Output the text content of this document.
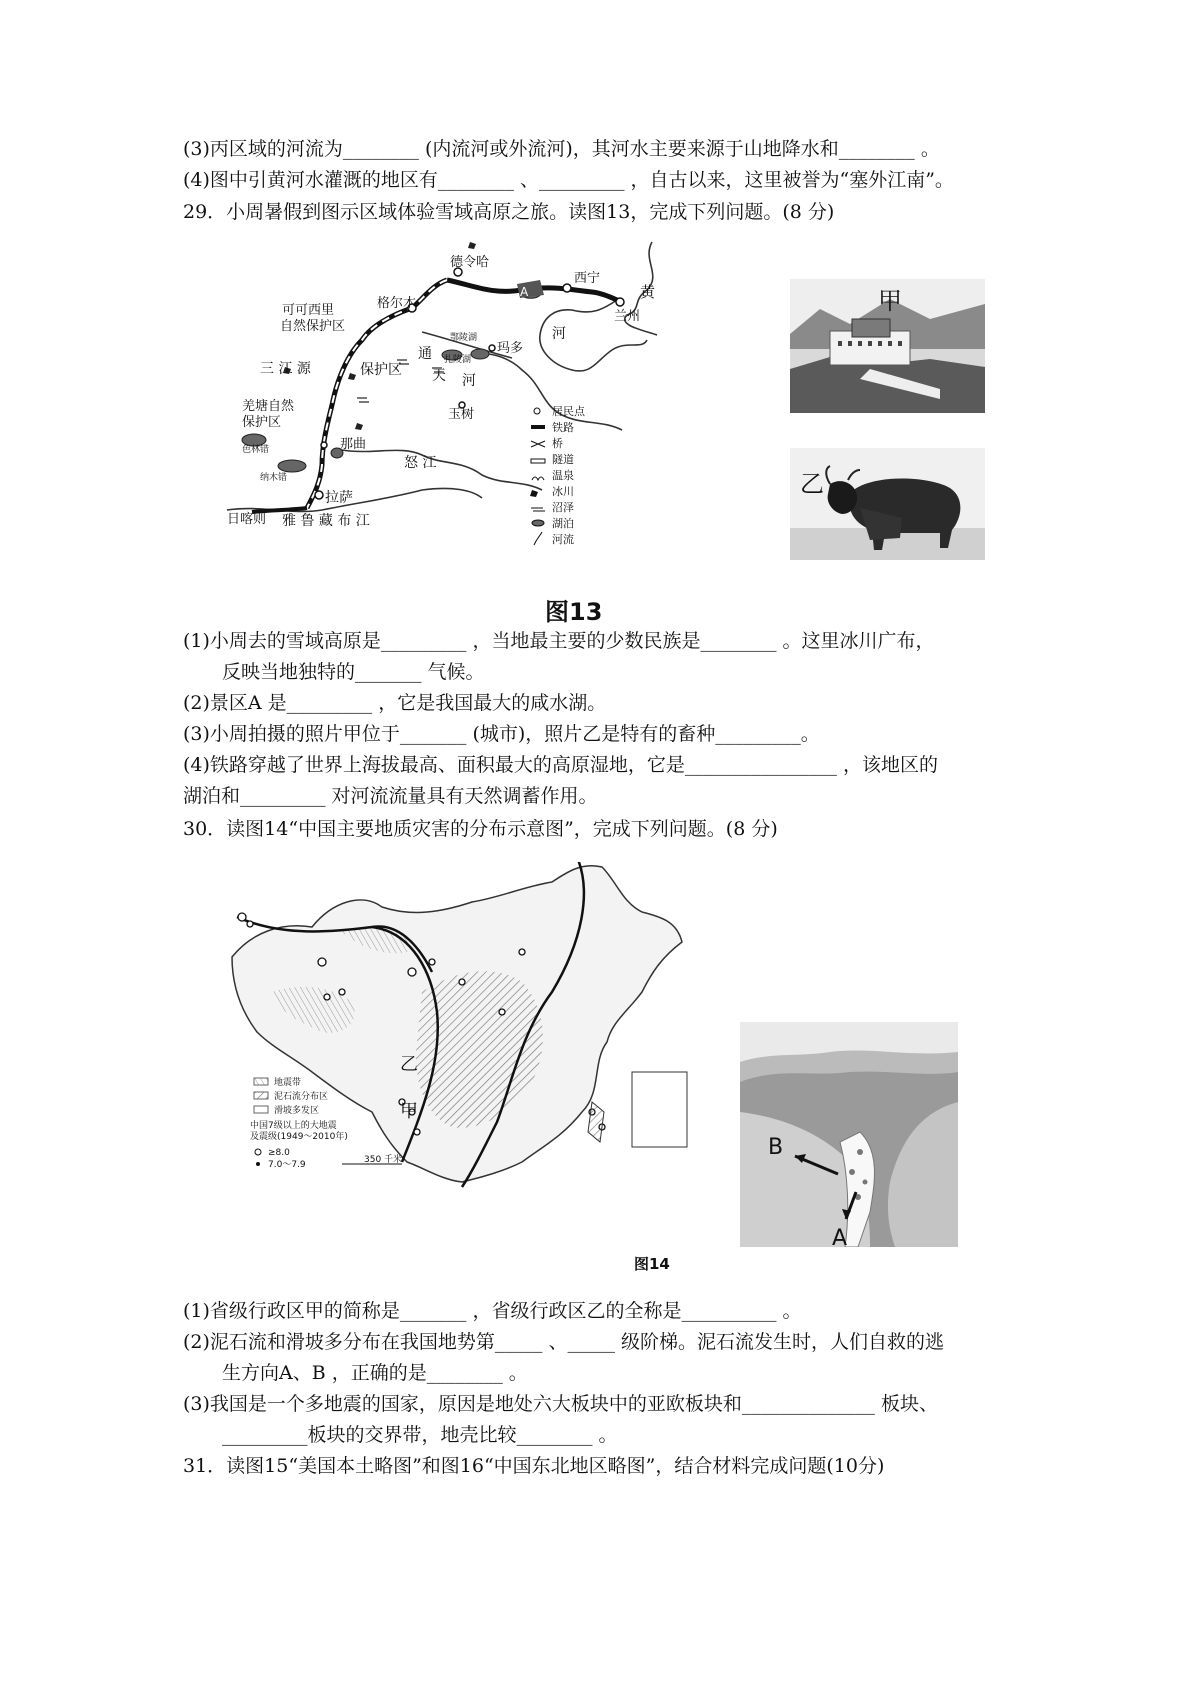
(3)丙区域的河流为________ (内流河或外流河)，其河水主要来源于山地降水和________ 。
(4)图中引黄河水灌溉的地区有________ 、_________ ，自古以来，这里被誉为“塞外江南”。
29．小周暑假到图示区域体验雪域高原之旅。读图13，完成下列问题。(8 分)
德令哈
西宁
黄
兰州
河
格尔木
可可西里
自然保护区
鄂陵湖
扎陵湖
玛多
三 江 源	保护区
通
天 河
玉树
羌塘自然
保护区
色林错	那曲
怒 江
纳木错
拉萨
日喀则 雅 鲁 藏 布 江
A
居民点
铁路
桥
隧道
温泉
冰川
沼泽
湖泊
河流
甲
乙
图13
(1)小周去的雪域高原是_________ ，当地最主要的少数民族是________ 。这里冰川广布，
反映当地独特的_______ 气候。
(2)景区A 是_________ ，它是我国最大的咸水湖。
(3)小周拍摄的照片甲位于_______ (城市)，照片乙是特有的畜种_________。
(4)铁路穿越了世界上海拔最高、面积最大的高原湿地，它是________________ ，该地区的
湖泊和_________ 对河流流量具有天然调蓄作用。
30．读图14“中国主要地质灾害的分布示意图”，完成下列问题。(8 分)
乙
甲
地震带
泥石流分布区
滑坡多发区
中国7级以上的大地震
及震级(1949～2010年)
≥8.0
7.0～7.9	350 千米	B
A
图14
(1)省级行政区甲的简称是_______ ，省级行政区乙的全称是__________ 。
(2)泥石流和滑坡多分布在我国地势第_____ 、_____ 级阶梯。泥石流发生时，人们自救的逃
生方向A、B ，正确的是________ 。
(3)我国是一个多地震的国家，原因是地处六大板块中的亚欧板块和______________ 板块、
_________板块的交界带，地壳比较________ 。
31．读图15“美国本土略图”和图16“中国东北地区略图”，结合材料完成问题(10分)
